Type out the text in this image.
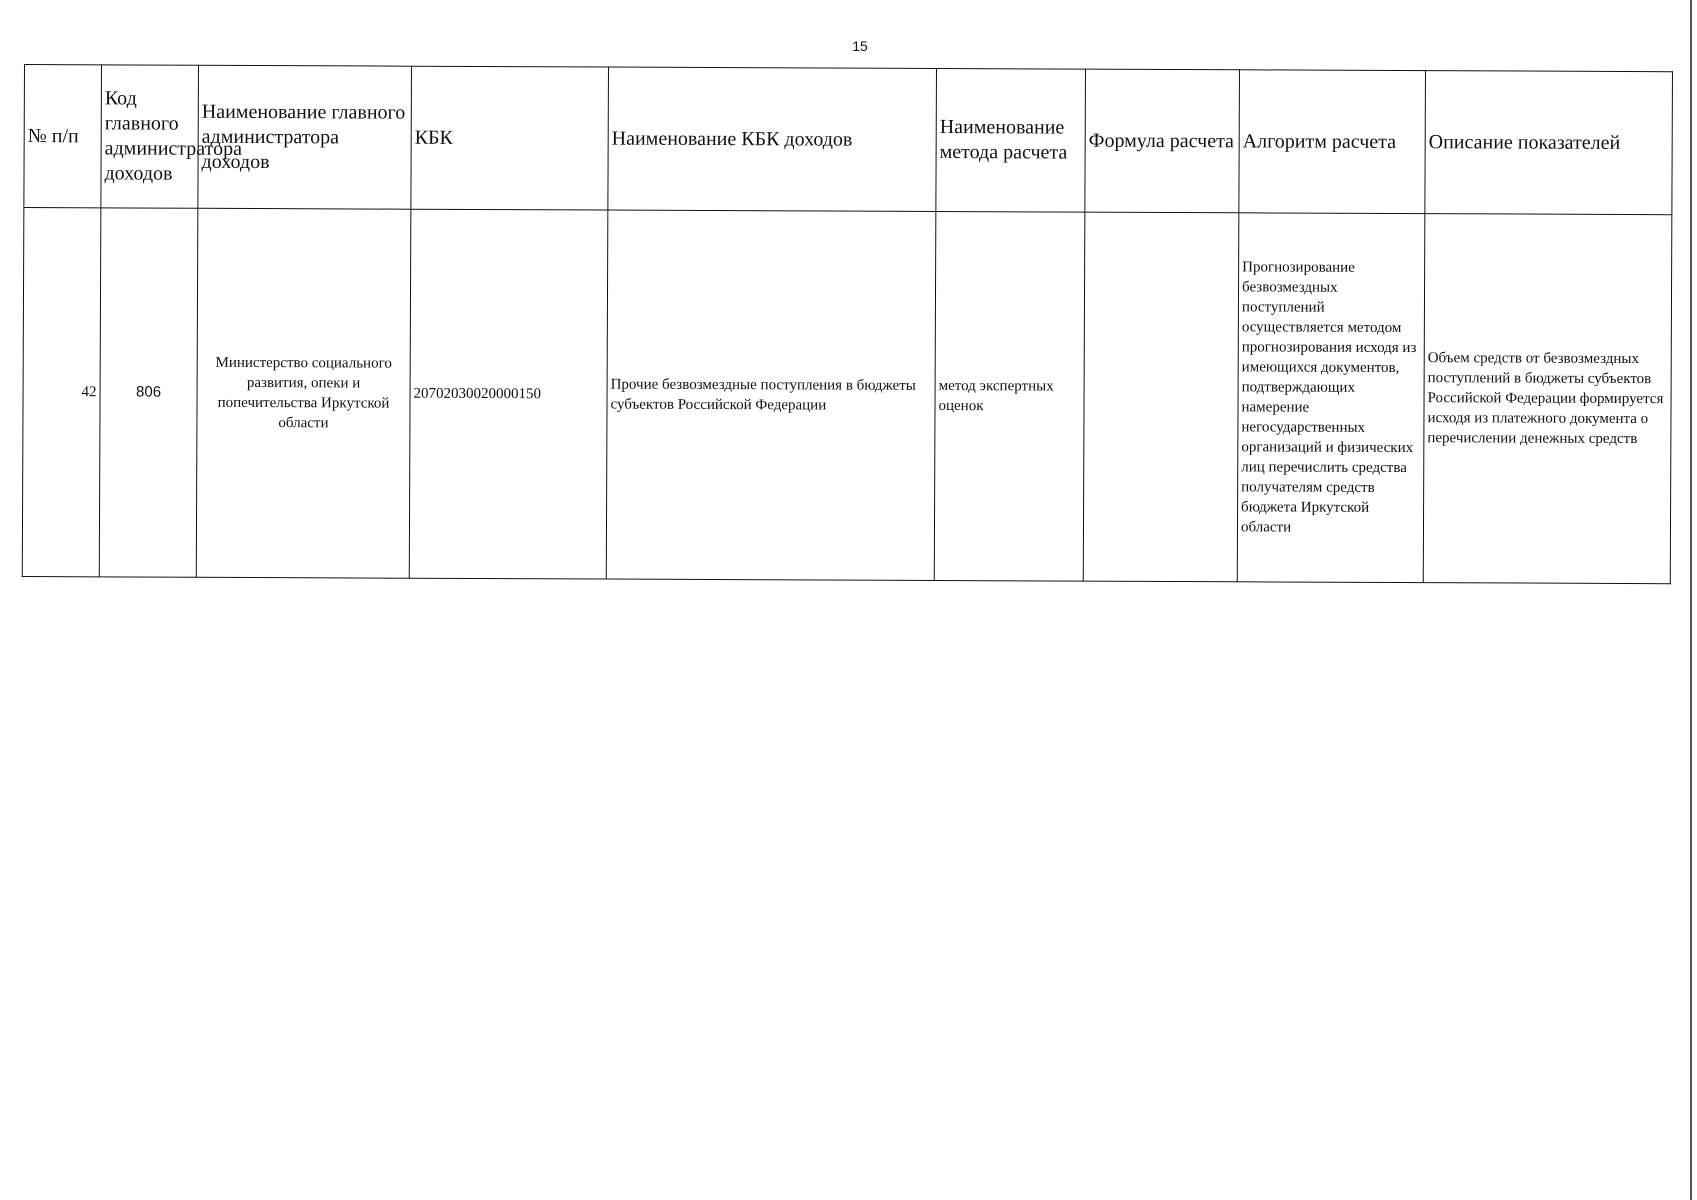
15
№ п/п	Код главного администратора доходов	Наименование главного администратора доходов	КБК	Наименование КБК доходов	Наименование метода расчета	Формула расчета	Алгоритм расчета	Описание показателей
42	806	Министерство социального развития, опеки и попечительства Иркутской области	20702030020000150	Прочие безвозмездные поступления в бюджеты субъектов Российской Федерации	метод экспертных оценок		Прогнозирование безвозмездных поступлений осуществляется методом прогнозирования исходя из имеющихся документов, подтверждающих намерение негосударственных организаций и физических лиц перечислить средства получателям средств бюджета Иркутской области	Объем средств от безвозмездных поступлений в бюджеты субъектов Российской Федерации формируется исходя из платежного документа о перечислении денежных средств
